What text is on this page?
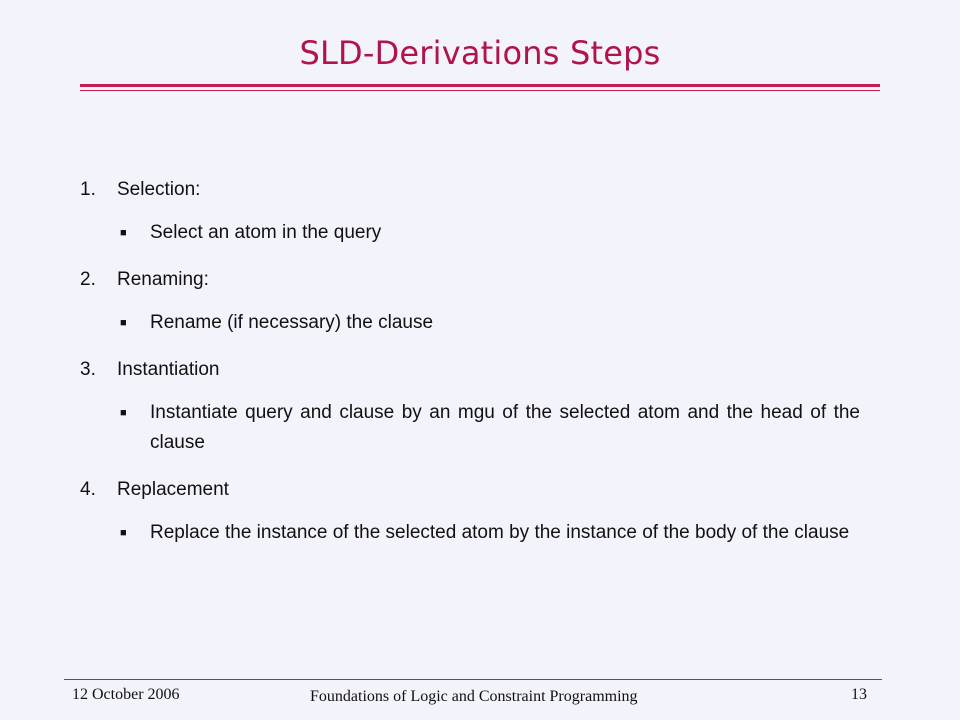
SLD-Derivations Steps
1.	Selection:
■	Select an atom in the query
2.	Renaming:
■	Rename (if necessary) the clause
3.	Instantiation
■	Instantiate query and clause by an mgu of the selected atom and the head of the clause
4.	Replacement
■	Replace the instance of the selected atom by the instance of the body of the clause
12 October 2006	Foundations of Logic and Constraint Programming	13
